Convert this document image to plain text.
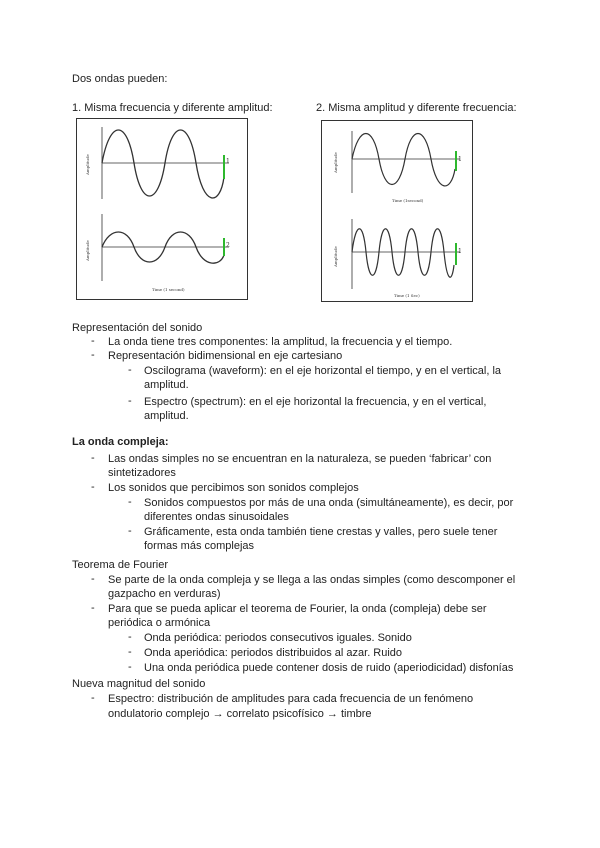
Dos ondas pueden:
1. Misma frecuencia y diferente amplitud:	2. Misma amplitud y diferente frecuencia:
Amplitude	1
Amplitude	2
Time (1 second)
Amplitude	1
Time (1second)
Amplitude	1
Time (1 Sec)
Representación del sonido
- La onda tiene tres componentes: la amplitud, la frecuencia y el tiempo.
- Representación bidimensional en eje cartesiano
- Oscilograma (waveform): en el eje horizontal el tiempo, y en el vertical, la
amplitud.
- Espectro (spectrum): en el eje horizontal la frecuencia, y en el vertical,
amplitud.
La onda compleja:
- Las ondas simples no se encuentran en la naturaleza, se pueden ‘fabricar’ con
sintetizadores
- Los sonidos que percibimos son sonidos complejos
- Sonidos compuestos por más de una onda (simultáneamente), es decir, por
diferentes ondas sinusoidales
- Gráficamente, esta onda también tiene crestas y valles, pero suele tener
formas más complejas
Teorema de Fourier
- Se parte de la onda compleja y se llega a las ondas simples (como descomponer el
gazpacho en verduras)
- Para que se pueda aplicar el teorema de Fourier, la onda (compleja) debe ser
periódica o armónica
- Onda periódica: periodos consecutivos iguales. Sonido
- Onda aperiódica: periodos distribuidos al azar. Ruido
- Una onda periódica puede contener dosis de ruido (aperiodicidad) disfonías
Nueva magnitud del sonido
- Espectro: distribución de amplitudes para cada frecuencia de un fenómeno
ondulatorio complejo → correlato psicofísico → timbre
